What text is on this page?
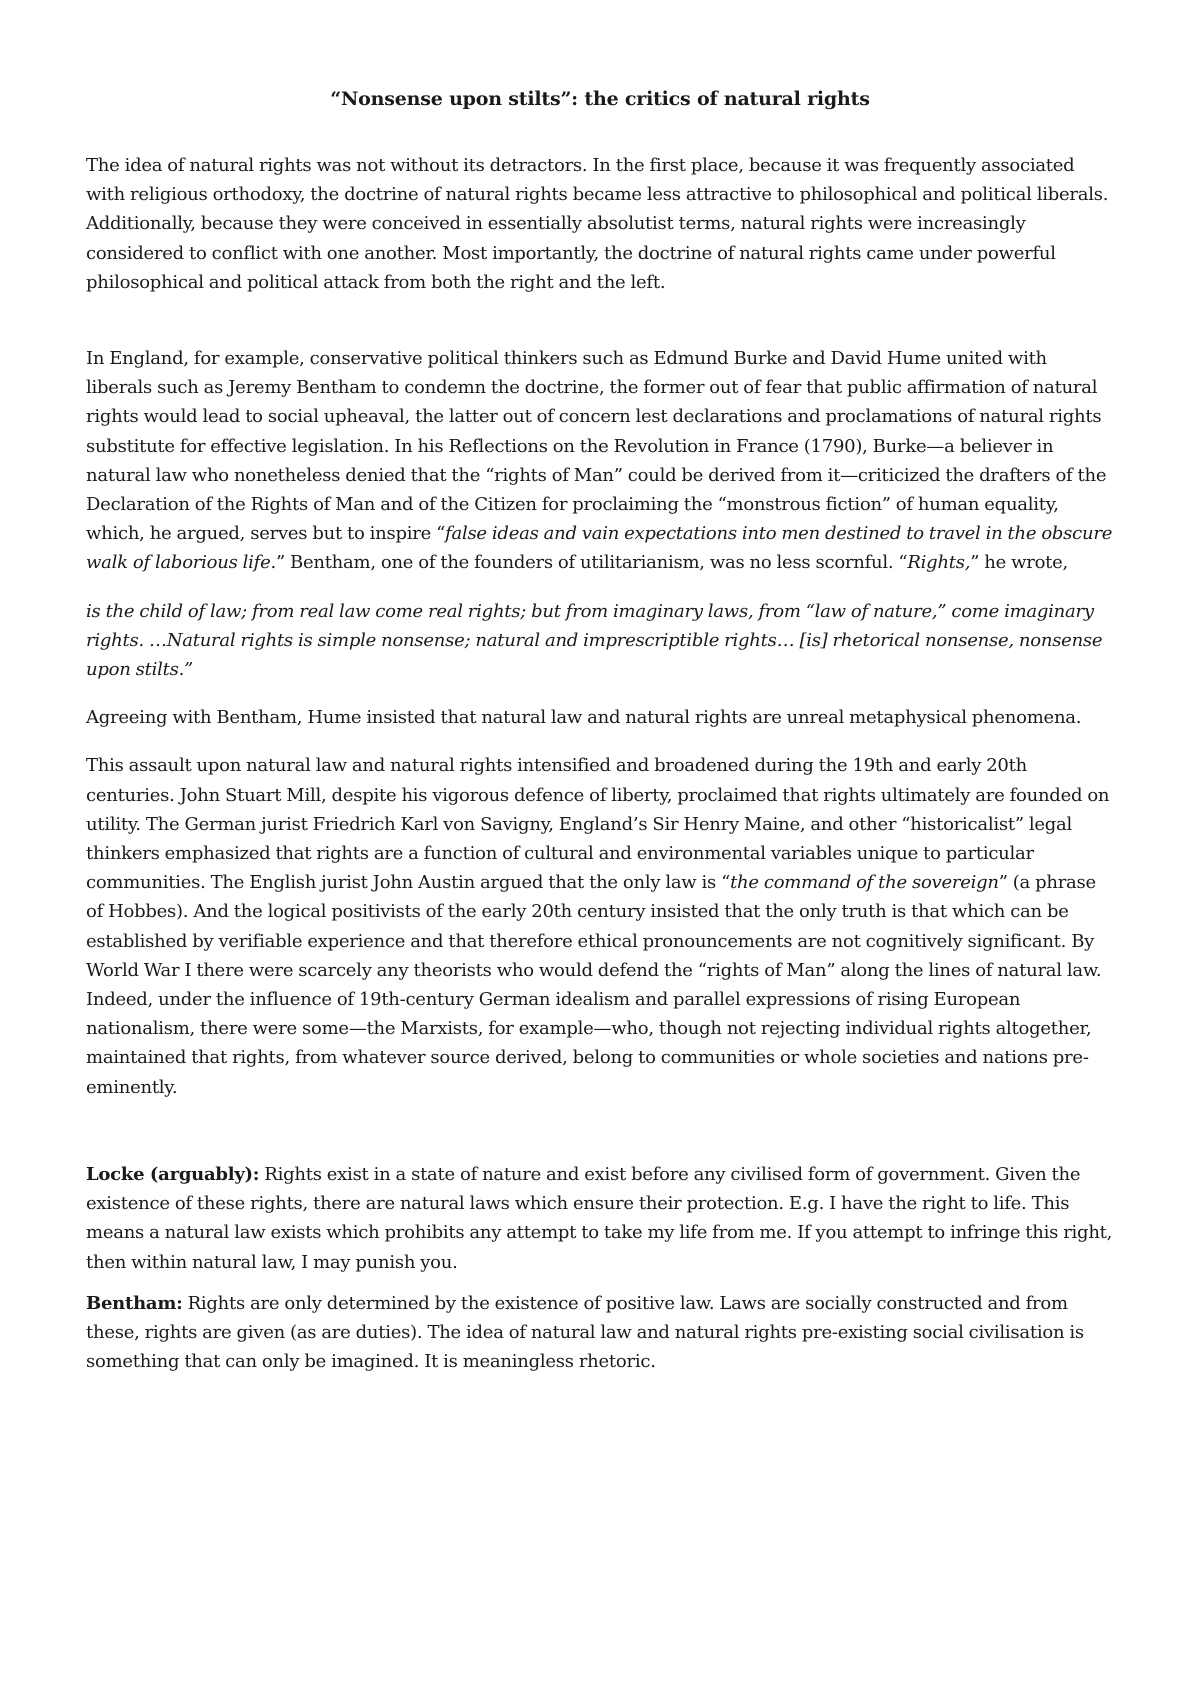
“Nonsense upon stilts”: the critics of natural rights

The idea of natural rights was not without its detractors. In the first place, because it was frequently associated with religious orthodoxy, the doctrine of natural rights became less attractive to philosophical and political liberals. Additionally, because they were conceived in essentially absolutist terms, natural rights were increasingly considered to conflict with one another. Most importantly, the doctrine of natural rights came under powerful philosophical and political attack from both the right and the left.

In England, for example, conservative political thinkers such as Edmund Burke and David Hume united with liberals such as Jeremy Bentham to condemn the doctrine, the former out of fear that public affirmation of natural rights would lead to social upheaval, the latter out of concern lest declarations and proclamations of natural rights substitute for effective legislation. In his Reflections on the Revolution in France (1790), Burke—a believer in natural law who nonetheless denied that the “rights of Man” could be derived from it—criticized the drafters of the Declaration of the Rights of Man and of the Citizen for proclaiming the “monstrous fiction” of human equality, which, he argued, serves but to inspire “false ideas and vain expectations into men destined to travel in the obscure walk of laborious life.” Bentham, one of the founders of utilitarianism, was no less scornful. “Rights,” he wrote,

is the child of law; from real law come real rights; but from imaginary laws, from “law of nature,” come imaginary rights. …Natural rights is simple nonsense; natural and imprescriptible rights… [is] rhetorical nonsense, nonsense upon stilts.”

Agreeing with Bentham, Hume insisted that natural law and natural rights are unreal metaphysical phenomena.

This assault upon natural law and natural rights intensified and broadened during the 19th and early 20th centuries. John Stuart Mill, despite his vigorous defence of liberty, proclaimed that rights ultimately are founded on utility. The German jurist Friedrich Karl von Savigny, England’s Sir Henry Maine, and other “historicalist” legal thinkers emphasized that rights are a function of cultural and environmental variables unique to particular communities. The English jurist John Austin argued that the only law is “the command of the sovereign” (a phrase of Hobbes). And the logical positivists of the early 20th century insisted that the only truth is that which can be established by verifiable experience and that therefore ethical pronouncements are not cognitively significant. By World War I there were scarcely any theorists who would defend the “rights of Man” along the lines of natural law. Indeed, under the influence of 19th-century German idealism and parallel expressions of rising European nationalism, there were some—the Marxists, for example—who, though not rejecting individual rights altogether, maintained that rights, from whatever source derived, belong to communities or whole societies and nations pre-eminently.

Locke (arguably): Rights exist in a state of nature and exist before any civilised form of government. Given the existence of these rights, there are natural laws which ensure their protection. E.g. I have the right to life. This means a natural law exists which prohibits any attempt to take my life from me. If you attempt to infringe this right, then within natural law, I may punish you.

Bentham: Rights are only determined by the existence of positive law. Laws are socially constructed and from these, rights are given (as are duties). The idea of natural law and natural rights pre-existing social civilisation is something that can only be imagined. It is meaningless rhetoric.
